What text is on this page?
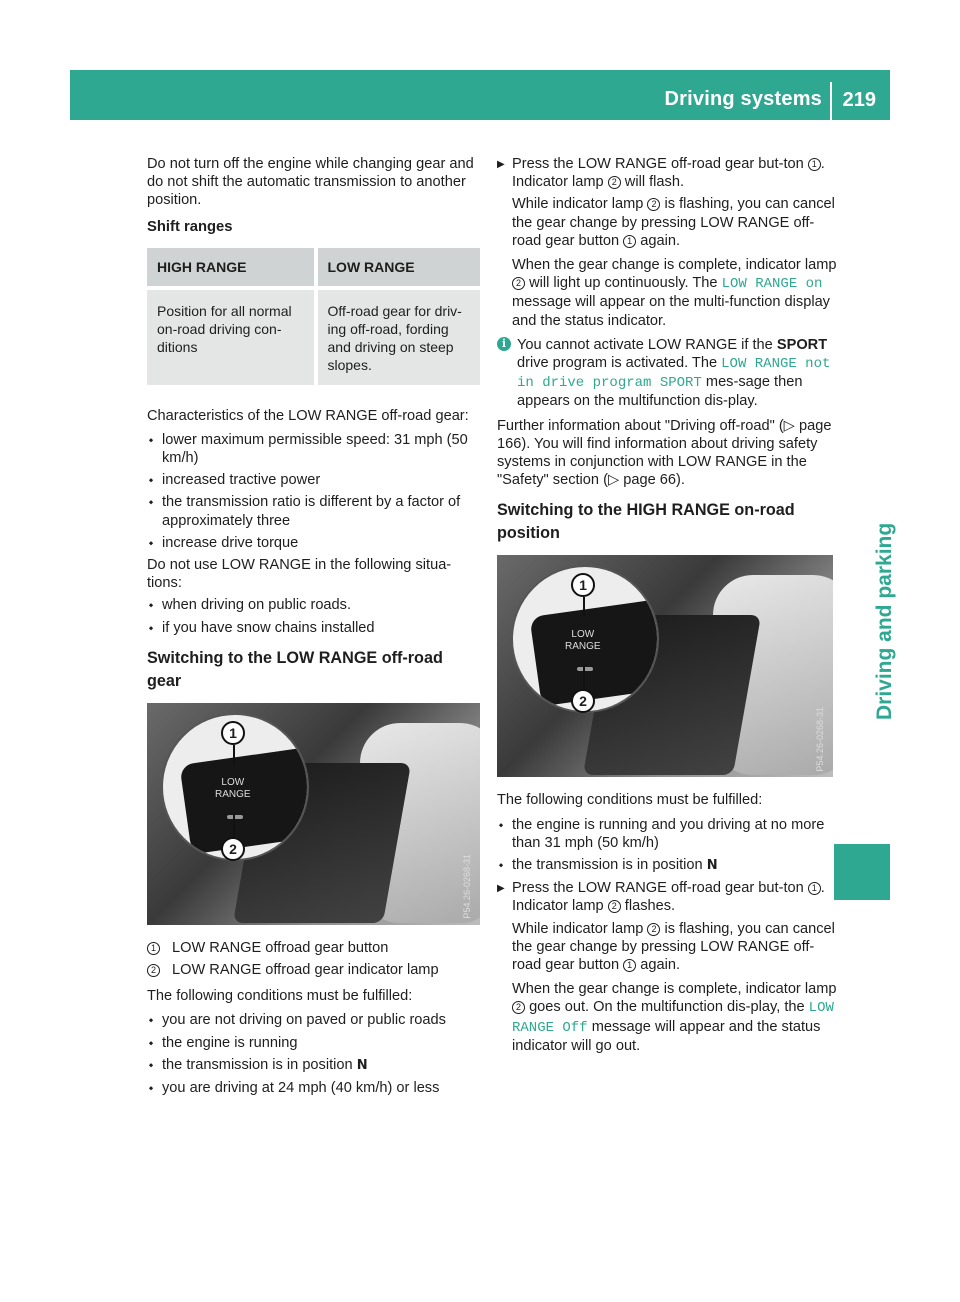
Driving systems 219
Driving and parking

Do not turn off the engine while changing gear and do not shift the automatic transmission to another position.

Shift ranges
HIGH RANGE	LOW RANGE
Position for all normal on-road driving con-ditions	Off-road gear for driv-ing off-road, fording and driving on steep slopes.

Characteristics of the LOW RANGE off-road gear:

▪ lower maximum permissible speed: 31 mph (50 km/h)
▪ increased tractive power
▪ the transmission ratio is different by a factor of approximately three
▪ increase drive torque

Do not use LOW RANGE in the following situa-tions:

▪ when driving on public roads.
▪ if you have snow chains installed
Switching to the LOW RANGE off-road gear
LOW
RANGE
1
2
P54.26-0268-31
1 LOW RANGE offroad gear button
2 LOW RANGE offroad gear indicator lamp

The following conditions must be fulfilled:

▪ you are not driving on paved or public roads
▪ the engine is running
▪ the transmission is in position N
▪ you are driving at 24 mph (40 km/h) or less
▶ Press the LOW RANGE off-road gear but-ton 1 .
Indicator lamp 2 will flash.

While indicator lamp 2 is flashing, you can cancel the gear change by pressing LOW RANGE off-road gear button 1 again.

When the gear change is complete, indicator lamp 2 will light up continuously. The LOW RANGE on message will appear on the multi-function display and the status indicator.

i You cannot activate LOW RANGE if the SPORT drive program is activated. The LOW RANGE not in drive program SPORT mes-sage then appears on the multifunction dis-play.

Further information about "Driving off-road" (▷ page 166). You will find information about driving safety systems in conjunction with LOW RANGE in the "Safety" section (▷ page 66).

Switching to the HIGH RANGE on-road position
LOW
RANGE
1
2
P54.26-0268-31

The following conditions must be fulfilled:

▪ the engine is running and you driving at no more than 31 mph (50 km/h)
▪ the transmission is in position N
▶ Press the LOW RANGE off-road gear but-ton 1 .
Indicator lamp 2 flashes.

While indicator lamp 2 is flashing, you can cancel the gear change by pressing LOW RANGE off-road gear button 1 again.

When the gear change is complete, indicator lamp 2 goes out. On the multifunction dis-play, the LOW RANGE Off message will appear and the status indicator will go out.
